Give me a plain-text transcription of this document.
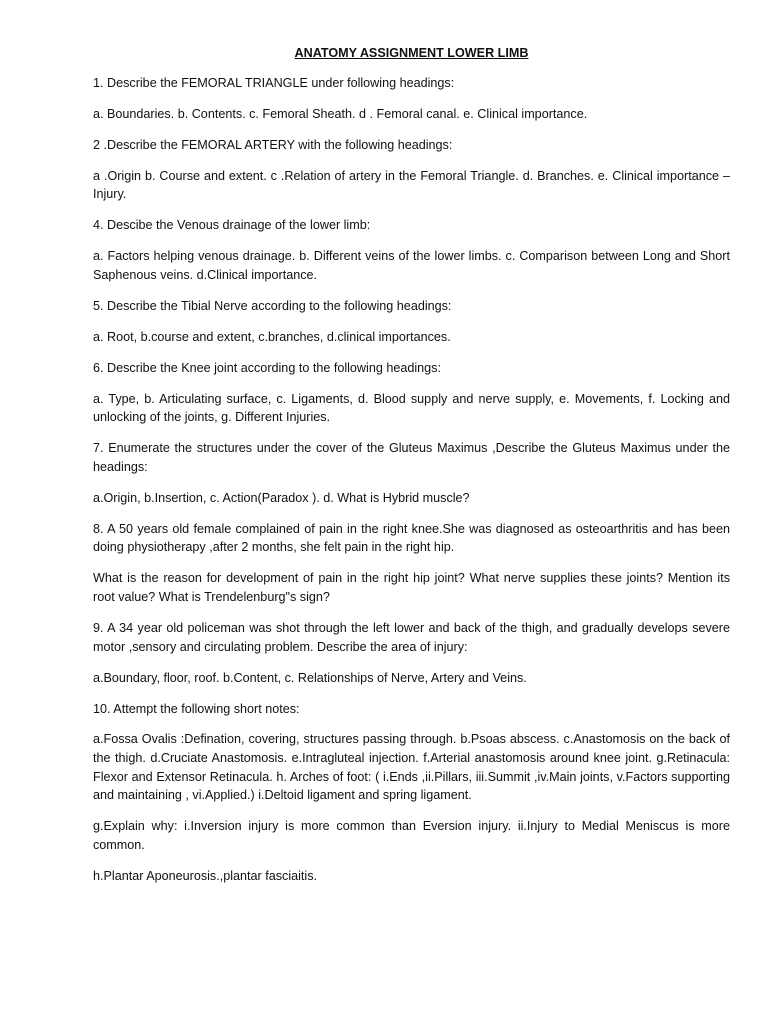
ANATOMY ASSIGNMENT LOWER LIMB

1. Describe the FEMORAL TRIANGLE under following headings:

a. Boundaries. b. Contents. c. Femoral Sheath. d . Femoral canal. e. Clinical importance.

2 .Describe the FEMORAL ARTERY with the following headings:

a .Origin b. Course and extent. c .Relation of artery in the Femoral Triangle. d. Branches. e. Clinical importance – Injury.

4. Descibe the Venous drainage of the lower limb:

a. Factors helping venous drainage. b. Different veins of the lower limbs. c. Comparison between Long and Short Saphenous veins. d.Clinical importance.

5. Describe the Tibial Nerve according to the following headings:

a. Root, b.course and extent, c.branches, d.clinical importances.

6. Describe the Knee joint according to the following headings:

a. Type, b. Articulating surface, c. Ligaments, d. Blood supply and nerve supply, e. Movements, f. Locking and unlocking of the joints, g. Different Injuries.

7. Enumerate the structures under the cover of the Gluteus Maximus ,Describe the Gluteus Maximus under the headings:

a.Origin, b.Insertion, c. Action(Paradox ). d. What is Hybrid muscle?

8. A 50 years old female complained of pain in the right knee.She was diagnosed as osteoarthritis and has been doing physiotherapy ,after 2 months, she felt pain in the right hip.

What is the reason for development of pain in the right hip joint? What nerve supplies these joints? Mention its root value? What is Trendelenburg"s sign?

9. A 34 year old policeman was shot through the left lower and back of the thigh, and gradually develops severe motor ,sensory and circulating problem. Describe the area of injury:

a.Boundary, floor, roof. b.Content, c. Relationships of Nerve, Artery and Veins.

10. Attempt the following short notes:

a.Fossa Ovalis :Defination, covering, structures passing through. b.Psoas abscess. c.Anastomosis on the back of the thigh. d.Cruciate Anastomosis. e.Intragluteal injection. f.Arterial anastomosis around knee joint. g.Retinacula: Flexor and Extensor Retinacula. h. Arches of foot: ( i.Ends ,ii.Pillars, iii.Summit ,iv.Main joints, v.Factors supporting and maintaining , vi.Applied.) i.Deltoid ligament and spring ligament.

g.Explain why: i.Inversion injury is more common than Eversion injury. ii.Injury to Medial Meniscus is more common.

h.Plantar Aponeurosis.,plantar fasciaitis.
